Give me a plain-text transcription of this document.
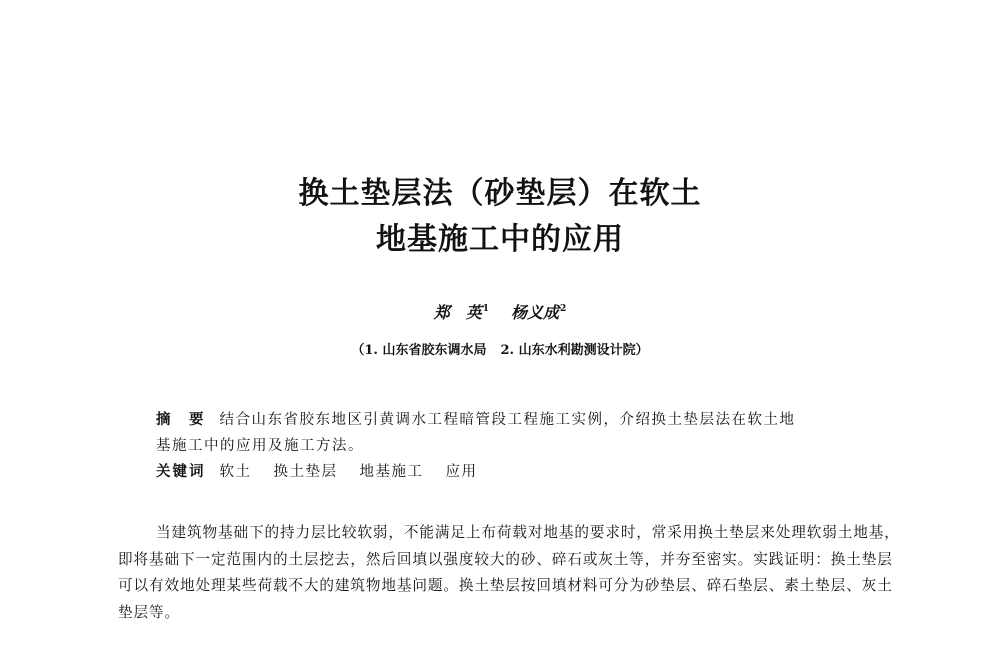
换土垫层法（砂垫层）在软土
地基施工中的应用
郑　英$^1$ 杨义成$^2$
（1. 山东省胶东调水局 2. 山东水利勘测设计院）
摘　要 结合山东省胶东地区引黄调水工程暗管段工程施工实例，介绍换土垫层法在软土地
基施工中的应用及施工方法。
关键词 软土 换土垫层 地基施工 应用

当建筑物基础下的持力层比较软弱，不能满足上布荷载对地基的要求时，常采用换土垫层来处理软弱土地基，即将基础下一定范围内的土层挖去，然后回填以强度较大的砂、碎石或灰土等，并夯至密实。实践证明：换土垫层可以有效地处理某些荷载不大的建筑物地基问题。换土垫层按回填材料可分为砂垫层、碎石垫层、素土垫层、灰土垫层等。
